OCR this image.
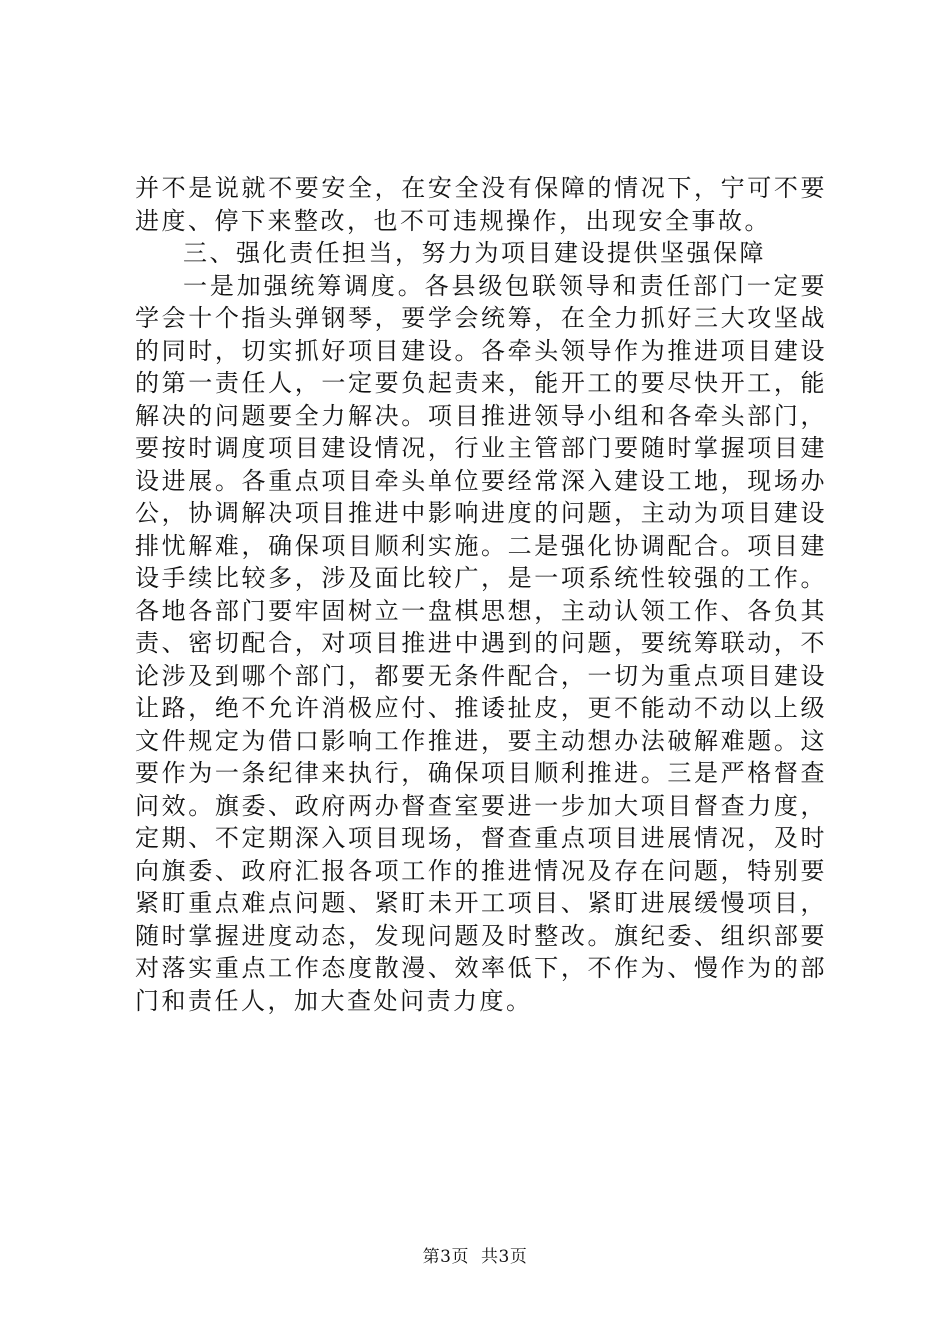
并不是说就不要安全，在安全没有保障的情况下，宁可不要进度、停下来整改，也不可违规操作，出现安全事故。

三、强化责任担当，努力为项目建设提供坚强保障

一是加强统筹调度。各县级包联领导和责任部门一定要学会十个指头弹钢琴，要学会统筹，在全力抓好三大攻坚战的同时，切实抓好项目建设。各牵头领导作为推进项目建设的第一责任人，一定要负起责来，能开工的要尽快开工，能解决的问题要全力解决。项目推进领导小组和各牵头部门，要按时调度项目建设情况，行业主管部门要随时掌握项目建设进展。各重点项目牵头单位要经常深入建设工地，现场办公，协调解决项目推进中影响进度的问题，主动为项目建设排忧解难，确保项目顺利实施。二是强化协调配合。项目建设手续比较多，涉及面比较广，是一项系统性较强的工作。各地各部门要牢固树立一盘棋思想，主动认领工作、各负其责、密切配合，对项目推进中遇到的问题，要统筹联动，不论涉及到哪个部门，都要无条件配合，一切为重点项目建设让路，绝不允许消极应付、推诿扯皮，更不能动不动以上级文件规定为借口影响工作推进，要主动想办法破解难题。这要作为一条纪律来执行，确保项目顺利推进。三是严格督查问效。旗委、政府两办督查室要进一步加大项目督查力度，定期、不定期深入项目现场，督查重点项目进展情况，及时向旗委、政府汇报各项工作的推进情况及存在问题，特别要紧盯重点难点问题、紧盯未开工项目、紧盯进展缓慢项目，随时掌握进度动态，发现问题及时整改。旗纪委、组织部要对落实重点工作态度散漫、效率低下，不作为、慢作为的部门和责任人，加大查处问责力度。

第3页 共3页
